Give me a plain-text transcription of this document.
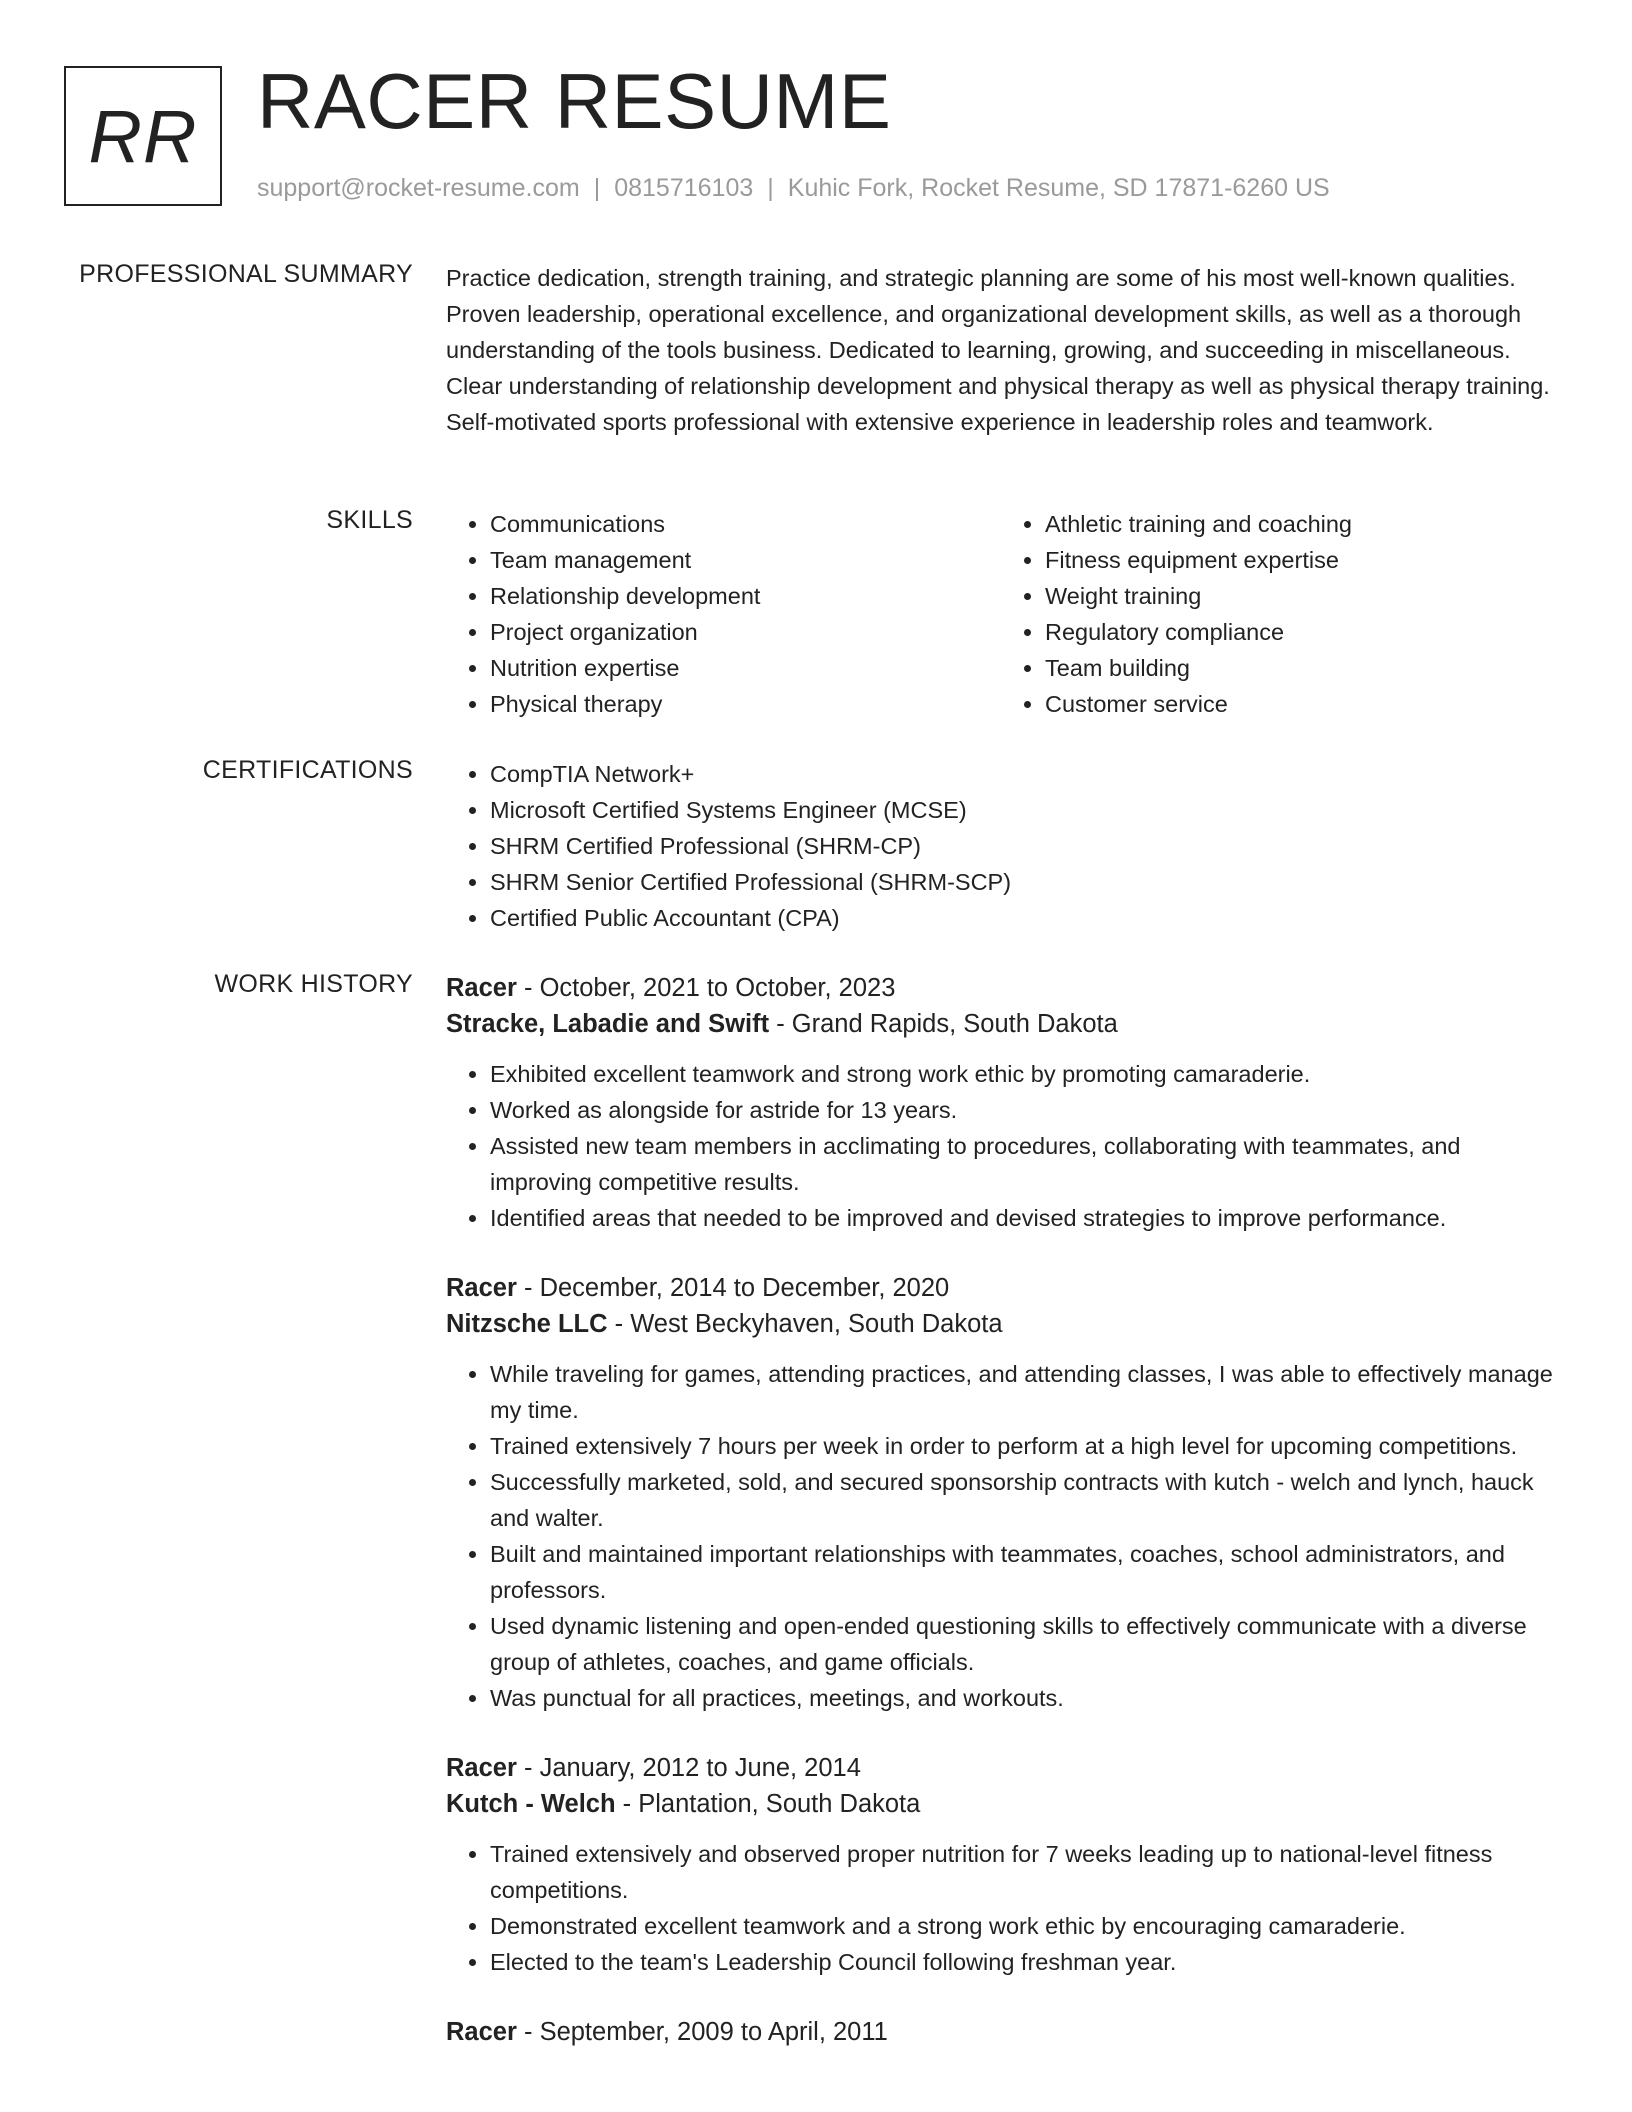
RR RACER RESUME
support@rocket-resume.com | 0815716103 | Kuhic Fork, Rocket Resume, SD 17871-6260 US
PROFESSIONAL SUMMARY Practice dedication, strength training, and strategic planning are some of his most well-known qualities. Proven leadership, operational excellence, and organizational development skills, as well as a thorough understanding of the tools business. Dedicated to learning, growing, and succeeding in miscellaneous. Clear understanding of relationship development and physical therapy as well as physical therapy training. Self-motivated sports professional with extensive experience in leadership roles and teamwork.

SKILLS	• Communications
• Team management
• Relationship development
• Project organization
• Nutrition expertise
• Physical therapy
• Athletic training and coaching
• Fitness equipment expertise
• Weight training
• Regulatory compliance
• Team building
• Customer service
CERTIFICATIONS	• CompTIA Network+
• Microsoft Certified Systems Engineer (MCSE)
• SHRM Certified Professional (SHRM-CP)
• SHRM Senior Certified Professional (SHRM-SCP)
• Certified Public Accountant (CPA)
WORK HISTORY Racer - October, 2021 to October, 2023

Stracke, Labadie and Swift - Grand Rapids, South Dakota

• Exhibited excellent teamwork and strong work ethic by promoting camaraderie.
• Worked as alongside for astride for 13 years.
• Assisted new team members in acclimating to procedures, collaborating with teammates, and improving competitive results.
• Identified areas that needed to be improved and devised strategies to improve performance.

Racer - December, 2014 to December, 2020

Nitzsche LLC - West Beckyhaven, South Dakota

• While traveling for games, attending practices, and attending classes, I was able to effectively manage my time.
• Trained extensively 7 hours per week in order to perform at a high level for upcoming competitions.
• Successfully marketed, sold, and secured sponsorship contracts with kutch - welch and lynch, hauck and walter.
• Built and maintained important relationships with teammates, coaches, school administrators, and professors.
• Used dynamic listening and open-ended questioning skills to effectively communicate with a diverse group of athletes, coaches, and game officials.
• Was punctual for all practices, meetings, and workouts.

Racer - January, 2012 to June, 2014

Kutch - Welch - Plantation, South Dakota

• Trained extensively and observed proper nutrition for 7 weeks leading up to national-level fitness competitions.
• Demonstrated excellent teamwork and a strong work ethic by encouraging camaraderie.
• Elected to the team's Leadership Council following freshman year.

Racer - September, 2009 to April, 2011
